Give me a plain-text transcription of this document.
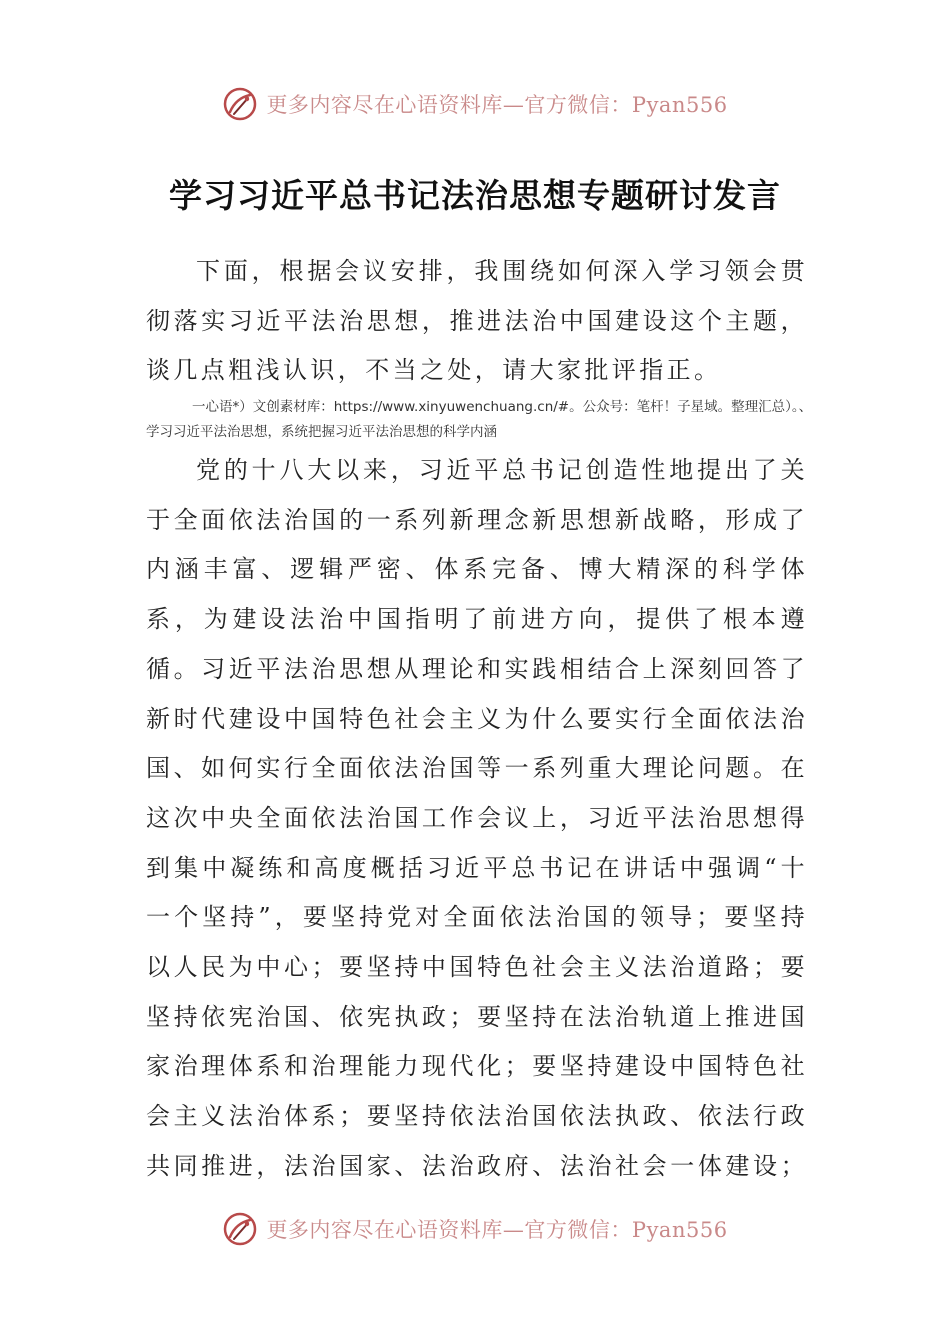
更多内容尽在心语资料库—官方微信：Pyan556
学习习近平总书记法治思想专题研讨发言

下面，根据会议安排，我围绕如何深入学习领会贯彻落实习近平法治思想，推进法治中国建设这个主题，谈几点粗浅认识，不当之处，请大家批评指正。

一心语*）文创素材库：https://www.xinyuwenchuang.cn/#。公众号：笔杆！子星域。整理汇总）。、学习习近平法治思想，系统把握习近平法治思想的科学内涵

党的十八大以来，习近平总书记创造性地提出了关于全面依法治国的一系列新理念新思想新战略，形成了内涵丰富、逻辑严密、体系完备、博大精深的科学体系，为建设法治中国指明了前进方向，提供了根本遵循。习近平法治思想从理论和实践相结合上深刻回答了新时代建设中国特色社会主义为什么要实行全面依法治国、如何实行全面依法治国等一系列重大理论问题。在这次中央全面依法治国工作会议上，习近平法治思想得到集中凝练和高度概括习近平总书记在讲话中强调“十一个坚持”，要坚持党对全面依法治国的领导；要坚持以人民为中心；要坚持中国特色社会主义法治道路；要坚持依宪治国、依宪执政；要坚持在法治轨道上推进国家治理体系和治理能力现代化；要坚持建设中国特色社会主义法治体系；要坚持依法治国依法执政、依法行政共同推进，法治国家、法治政府、法治社会一体建设；

更多内容尽在心语资料库—官方微信：Pyan556
